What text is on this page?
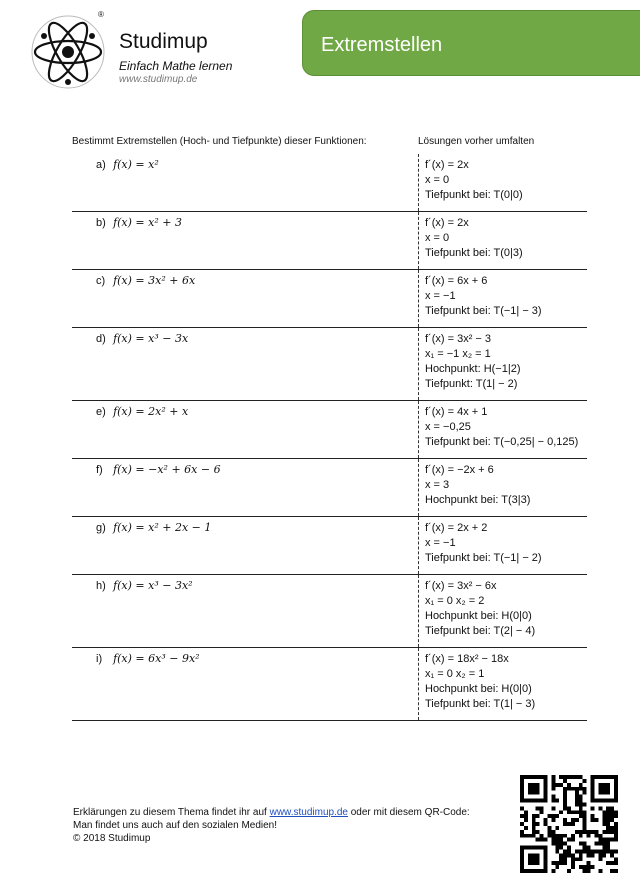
®
Studimup
Einfach Mathe lernen
www.studimup.de
Extremstellen
Bestimmt Extremstellen (Hoch- und Tiefpunkte) dieser Funktionen:	Lösungen vorher umfalten
a) f(x) = x²	f´(x) = 2x
x = 0
Tiefpunkt bei: T(0|0)

b) f(x) = x² + 3	f´(x) = 2x
x = 0
Tiefpunkt bei: T(0|3)

c) f(x) = 3x² + 6x	f´(x) = 6x + 6
x = −1
Tiefpunkt bei: T(−1| − 3)

d) f(x) = x³ − 3x	f´(x) = 3x² − 3
x₁ = −1 x₂ = 1
Hochpunkt: H(−1|2)
Tiefpunkt: T(1| − 2)

e) f(x) = 2x² + x	f´(x) = 4x + 1
x = −0,25
Tiefpunkt bei: T(−0,25| − 0,125)

f) f(x) = −x² + 6x − 6	f´(x) = −2x + 6
x = 3
Hochpunkt bei: T(3|3)

g) f(x) = x² + 2x − 1	f´(x) = 2x + 2
x = −1
Tiefpunkt bei: T(−1| − 2)

h) f(x) = x³ − 3x²	f´(x) = 3x² − 6x
x₁ = 0 x₂ = 2
Hochpunkt bei: H(0|0)
Tiefpunkt bei: T(2| − 4)

i) f(x) = 6x³ − 9x²	f´(x) = 18x² − 18x
x₁ = 0 x₂ = 1
Hochpunkt bei: H(0|0)
Tiefpunkt bei: T(1| − 3)
Erklärungen zu diesem Thema findet ihr auf www.studimup.de oder mit diesem QR-Code:
Man findet uns auch auf den sozialen Medien!
© 2018 Studimup
